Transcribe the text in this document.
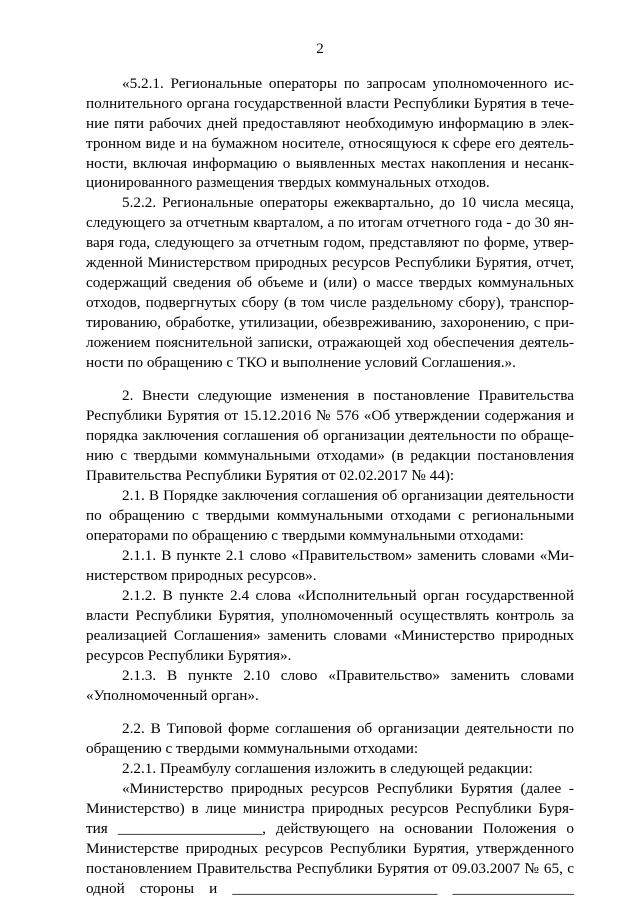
2
«5.2.1. Региональные операторы по запросам уполномоченного ис-
полнительного органа государственной власти Республики Бурятия в тече-
ние пяти рабочих дней предоставляют необходимую информацию в элек-
тронном виде и на бумажном носителе, относящуюся к сфере его деятель-
ности, включая информацию о выявленных местах накопления и несанк-
ционированного размещения твердых коммунальных отходов.
5.2.2. Региональные операторы ежеквартально, до 10 числа месяца,
следующего за отчетным кварталом, а по итогам отчетного года - до 30 ян-
варя года, следующего за отчетным годом, представляют по форме, утвер-
жденной Министерством природных ресурсов Республики Бурятия, отчет,
содержащий сведения об объеме и (или) о массе твердых коммунальных
отходов, подвергнутых сбору (в том числе раздельному сбору), транспор-
тированию, обработке, утилизации, обезвреживанию, захоронению, с при-
ложением пояснительной записки, отражающей ход обеспечения деятель-
ности по обращению с ТКО и выполнение условий Соглашения.».
2. Внести следующие изменения в постановление Правительства
Республики Бурятия от 15.12.2016 № 576 «Об утверждении содержания и
порядка заключения соглашения об организации деятельности по обраще-
нию с твердыми коммунальными отходами» (в редакции постановления
Правительства Республики Бурятия от 02.02.2017 № 44):
2.1. В Порядке заключения соглашения об организации деятельности
по обращению с твердыми коммунальными отходами с региональными
операторами по обращению с твердыми коммунальными отходами:
2.1.1. В пункте 2.1 слово «Правительством» заменить словами «Ми-
нистерством природных ресурсов».
2.1.2. В пункте 2.4 слова «Исполнительный орган государственной
власти Республики Бурятия, уполномоченный осуществлять контроль за
реализацией Соглашения» заменить словами «Министерство природных
ресурсов Республики Бурятия».
2.1.3. В пункте 2.10 слово «Правительство» заменить словами
«Уполномоченный орган».
2.2. В Типовой форме соглашения об организации деятельности по
обращению с твердыми коммунальными отходами:
2.2.1. Преамбулу соглашения изложить в следующей редакции:
«Министерство природных ресурсов Республики Бурятия (далее -
Министерство) в лице министра природных ресурсов Республики Буря-
тия ___________________, действующего на основании Положения о
Министерстве природных ресурсов Республики Бурятия, утвержденного
постановлением Правительства Республики Бурятия от 09.03.2007 № 65, с
одной стороны и ___________________________ ________________
